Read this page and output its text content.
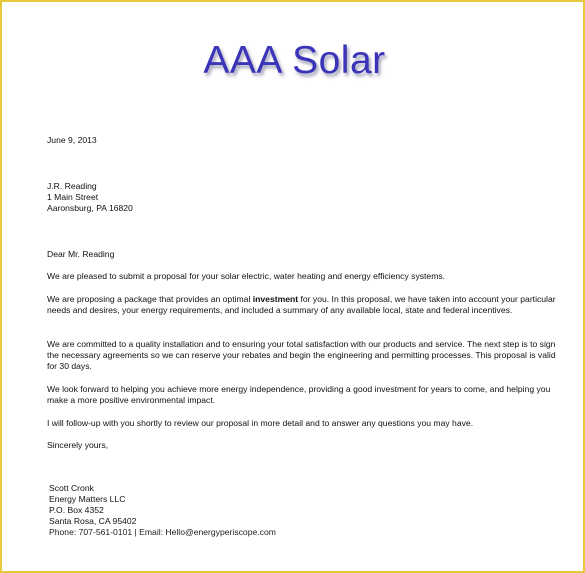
AAA Solar

June 9, 2013

J.R. Reading

1 Main Street

Aaronsburg, PA 16820

Dear Mr. Reading

We are pleased to submit a proposal for your solar electric, water heating and energy efficiency systems.

We are proposing a package that provides an optimal investment for you. In this proposal, we have taken into account your particular needs and desires, your energy requirements, and included a summary of any available local, state and federal incentives.

We are committed to a quality installation and to ensuring your total satisfaction with our products and service. The next step is to sign the necessary agreements so we can reserve your rebates and begin the engineering and permitting processes. This proposal is valid for 30 days.

We look forward to helping you achieve more energy independence, providing a good investment for years to come, and helping you make a more positive environmental impact.

I will follow-up with you shortly to review our proposal in more detail and to answer any questions you may have.

Sincerely yours,

Scott Cronk

Energy Matters LLC

P.O. Box 4352

Santa Rosa, CA 95402

Phone: 707-561-0101 | Email: Hello@energyperiscope.com
